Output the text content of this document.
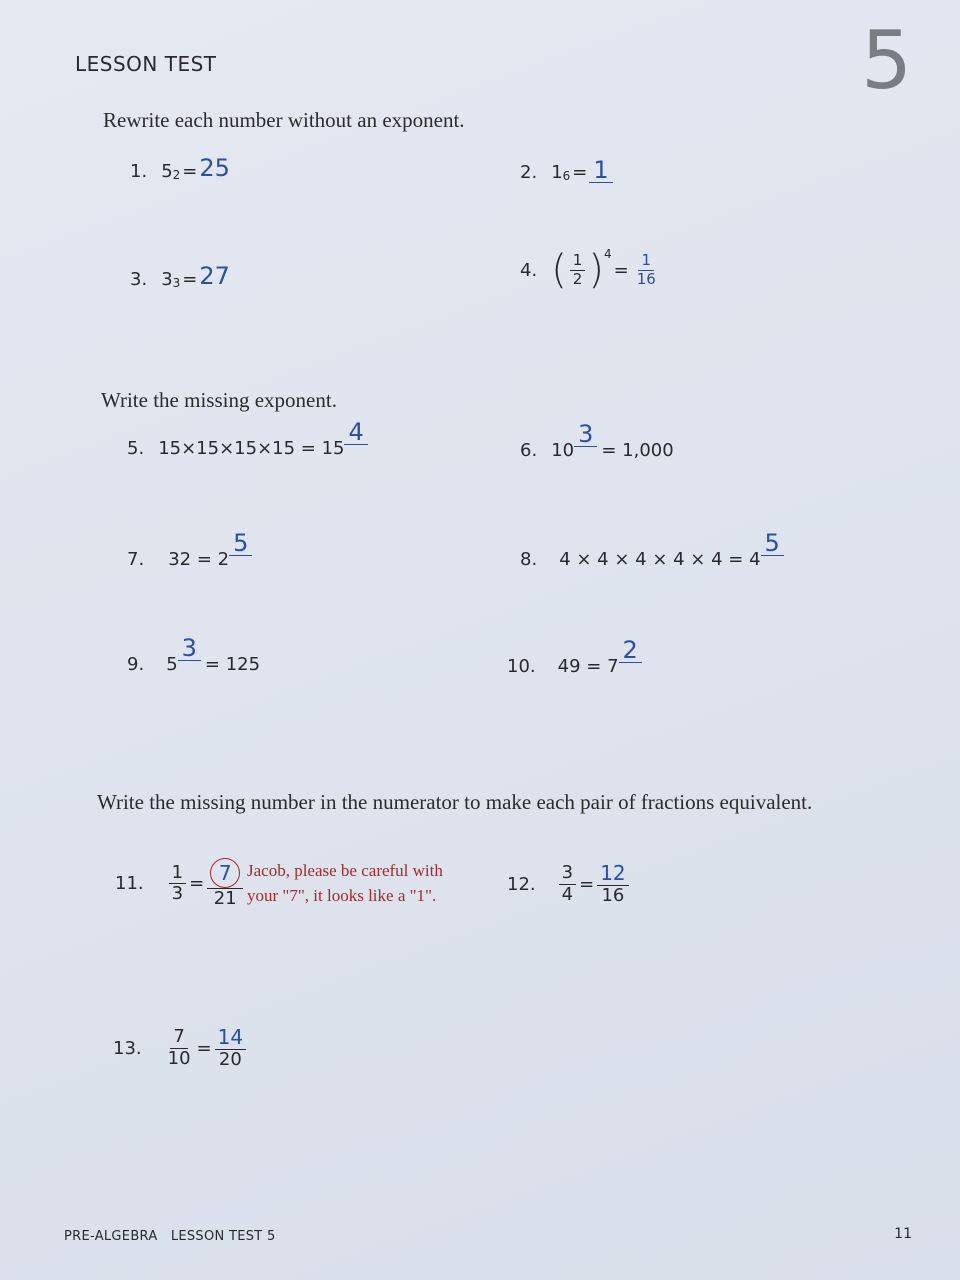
LESSON TEST	5
Rewrite each number without an exponent.
1. 5 2 = 25	2. 1 6 = 1
3. 3 3 = 27	4. ( $\frac{1}{2} )^4$
= $\frac{1}{16}$
Write the missing exponent.
5. 15×15×15×15 = 15
4
6. 10
3
= 1,000
7. 32 = 2
5
8. 4 × 4 × 4 × 4 × 4 = 4
5
9. 5
3
= 125	10. 49 = 7
2
Write the missing number in the numerator to make each pair of fractions equivalent.
11. $\frac{1}{3} = \frac{7}{21}$ Jacob, please be careful with
your "7", it looks like a "1".
12. $\frac{3}{4} = \frac{12}{16}$
13. $\frac{7}{10} = \frac{14}{20}$
PRE-ALGEBRA   LESSON TEST 5	11
